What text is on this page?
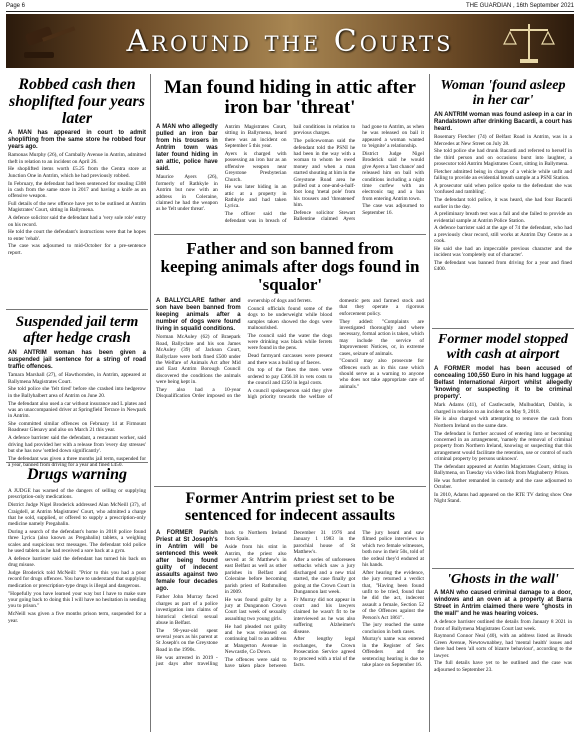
Page 6	THE GUARDIAN , 16th September 2021
Around the Courts
Robbed cash then shoplifted four years later

A MAN has appeared in court to admit shoplifting from the same store he robbed four years ago.

Ramonas Murphy (26), of Carnbally Avenue in Antrim, admitted theft in relation to an incident on April 26.

He shoplifted items worth £5.25 from the Centra store at Junction One in Antrim, which he had previously robbed.

In February, the defendant had been sentenced for stealing £308 in cash from the same store in 2017 and having a knife as an offensive weapon.

Full details of the new offence have yet to be outlined at Antrim Magistrates' Court, sitting in Ballymena.

A defence solicitor said the defendant had a 'very sole role' entry on his record.

He told the court the defendant's instructions were that he hopes to enter 'rehab'.

The case was adjourned to mid-October for a pre-sentence report.

Suspended jail term after hedge crash

AN ANTRIM woman has been given a suspended jail sentence for a string of road traffic offences.

Tamara Marshall (27), of Hawthornden, in Antrim, appeared at Ballymena Magistrates Court.

She told police she 'felt tired' before she crashed into hedgerow in the Ballyhalbert area of Antrim on June 20.

The defendant also used a car without insurance and L plates and was an unaccompanied driver at Springfield Terrace in Newpark in Antrim.

She committed similar offences on February 14 at Firmount Roadnear Glenavy and also on March 21 this year.

A defence barrister said the defendant, a restaurant worker, said driving had provided her with a release from 'every day stresses' but she has now 'settled down significantly'.

The defendant was given a three months jail term, suspended for a year, banned from driving for a year and fined £450.

Drugs warning

A JUDGE has warned of the dangers of selling or supplying prescription-only medications.

District Judge Nigel Broderick addressed Alan McNeill (37), of Craigdell, at Antrim Magistrates' Court, who admitted a charge that he sold, supplied, or offered to supply a prescription-only medicine namely Pregabalin.

During a search of the defendant's home in 2018 police found three Lyrica (also known as Pregabalin) tablets, a weighing scales and suspicious text messages. The defendant told police he used tablets as he had received a sore back at a gym.

A defence barrister said the defendant has turned his back on drug misuse.

Judge Broderick told McNeill: "Prior to this you had a poor record for drugs offences. You have to understand that supplying medication or prescription-type drugs is illegal and dangerous.

"Hopefully you have learned your way but I have to make sure your going back to doing this I will have no hesitation in sending you to prison."

McNeill was given a five months prison term, suspended for a year.

Man found hiding in attic after iron bar 'threat'

A MAN who allegedly pulled an iron bar from his trousers in Antrim town was later found hiding in an attic, police have said.

Maurice Ayers (26), formerly of Rathkyle in Antrim but now with an address in Coleraine, claimed he had the weapon as he 'felt under threat'.

Antrim Magistrates Court, sitting in Ballymena, heard there was an incident on September 5 this year.

Ayers is charged with possessing an iron bar as an offensive weapon near Greystone Presbyterian Church.

He was later hiding in an attic at a property in Rathkyle and had taken Lyrica.

The officer said the defendant was in breach of bail conditions in relation to previous charges.

The policewoman said the defendant told the PSNI he had been in the way with a woman to whom he owed money and when a man started shouting at him in the Greystone Road area he pulled out a one-and-a-half-foot long 'metal pole' from his trousers and 'threatened' him.

Defence solicitor Stewart Ballentine claimed Ayers had gone to Antrim, as when he was released on bail it appeared a woman wanted to 'reignite' a relationship.

District Judge Nigel Broderick said he would give Ayers a 'last chance' and released him on bail with conditions including a night time curfew with an electronic tag and a ban from entering Antrim town.

The case was adjourned to September 16.

Father and son banned from keeping animals after dogs found in 'squalor'

A BALLYCLARE father and son have been banned from keeping animals after a number of dogs were found living in squalid conditions.

Norman McAuley (62) of Braepark Road, Ballyclare and his son James McAuley (39) of Jackson Court, Ballyclare were both fined £500 under the Welfare of Animals Act after Mid and East Antrim Borough Council discovered the conditions the animals were being kept in.

They also had a 10-year Disqualification Order imposed on the ownership of dogs and ferrets.

Council officials found some of the dogs to be underweight while blood samples taken showed the dogs were malnourished.

The council said the water the dogs were drinking was black while ferrets were found in the pens.

Dead farmyard carcasses were present and there was a build up of faeces.

On top of the fines the men were ordered to pay £366.18 in vets costs to the council and £250 in legal costs.

A council spokesperson said they give high priority towards the welfare of domestic pets and farmed stock and that they operate a rigorous enforcement policy.

They added: "Complaints are investigated thoroughly and where necessary, formal action is taken, which may include the service of Improvement Notices, or, in extreme cases, seizure of animals.

"Council may also prosecute for offences such as in this case which should serve as a warning to anyone who does not take appropriate care of animals."

Former Antrim priest set to be sentenced for indecent assaults

A FORMER Parish Priest at St Joseph's in Antrim will be sentenced this week after being found guilty of indecent assaults against two female four decades ago.

Father John Murray faced charges as part of a police investigation into claims of historical clerical sexual abuse in Belfast.

The 90-year-old spent several years as his parent at St Joseph's on the Greystone Road in the 1990s.

He was arrested in 2019 - just days after travelling back to Northern Ireland from Spain.

Aside from his stint in Antrim, the priest also served at St Matthew's in east Belfast as well as other parishes in Belfast and Coleraine before becoming parish priest of Rathmullen in 2009.

He was found guilty by a jury at Dungannon Crown Court last week of sexually assaulting two young girls.

He had pleaded not guilty and he was released on continuing bail to an address at Mangerton Avenue in Newcastle, Co Down.

The offences were said to have taken place between December 31 1976 and January 1 1983 in the parochial house of St Matthew's.

After a series of unforeseen setbacks which saw a jury discharged and a new trial started, the case finally got going at the Crown Court in Dungannon last week.

Fr Murray did not appear in court and his lawyers claimed he wasn't fit to be interviewed as he was also suffering Alzheimer's disease.

After lengthy legal exchanges, the Crown Prosecution Service agreed to proceed with a trial of the facts.

The jury heard and saw filmed police interviews in which two female witnesses, both now in their 50s, told of the ordeal they'd endured at his hands.

After hearing the evidence, the jury returned a verdict that, "Having been found unfit to be tried, found that he did the act, indecent assault a female, Section 52 of the Offences against the Person's Act 1861".

The jury reached the same conclusion in both cases.

Murray's name was entered in the Register of Sex Offenders and the sentencing hearing is due to take place on September 16.

Woman 'found asleep in her car'

AN ANTRIM woman was found asleep in a car in Randalstown after drinking Bacardi, a court has heard.

Rosemary Fletcher (74) of Belfast Road in Antrim, was in a Mercedes at New Street on July 28.

She told police she had drunk Bacardi and referred to herself in the third person and on occasions burst into laughter, a prosecutor told Antrim Magistrates Court, sitting in Ballymena.

Fletcher admitted being in charge of a vehicle while unfit and failing to provide an evidential breath sample at a PSNI Station.

A prosecutor said when police spoke to the defendant she was 'confused and rambling'.

The defendant told police, it was heard, she had four Bacardi earlier in the day.

A preliminary breath test was a fail and she failed to provide an evidential sample at Antrim Police Station.

A defence barrister said at the age of 74 the defendant, who had a previously clear record, still works at Antrim Day Centre as a cook.

He said she had an impeccable previous character and the incident was 'completely out of character'.

The defendant was banned from driving for a year and fined £400.

Former model stopped with cash at airport

A FORMER model has been accused of concealing 100,550 Euro in his hand luggage at Belfast International Airport whilst allegedly 'knowing or suspecting it to be criminal property'.

Mark Adams (41), of Castlecastle, Mulhuddart, Dublin, is charged in relation to an incident on May 9, 2018.

He is also charged with attempting to remove the cash from Northern Ireland on the same date.

The defendant is further accused of entering into or becoming concerned in an arrangement, 'namely the removal of criminal property from Northern Ireland, knowing or suspecting that this arrangement would facilitate the retention, use or control of such criminal property by persons unknown'.

The defendant appeared at Antrim Magistrates Court, sitting in Ballymena, on Tuesday via video link from Maghaberry Prison.

He was further remanded in custody and the case adjourned to October.

In 2010, Adams had appeared on the RTE TV dating show One Night Stand.

'Ghosts in the wall'

A MAN who caused criminal damage to a door, windows and an oven at a property at Barra Street in Antrim claimed there were "ghosts in the wall" and he was hearing voices.

A defence barrister outlined the details from January 8 2021 in front of Ballymena Magistrates Court last week.

Raymond Connor Neal (40), with an address listed as Breads Green Avenue, Newtownabbey, had 'mental health' issues and there had been 'all sorts of bizarre behaviour', according to the lawyer.

The full details have yet to be outlined and the case was adjourned to September 23.
